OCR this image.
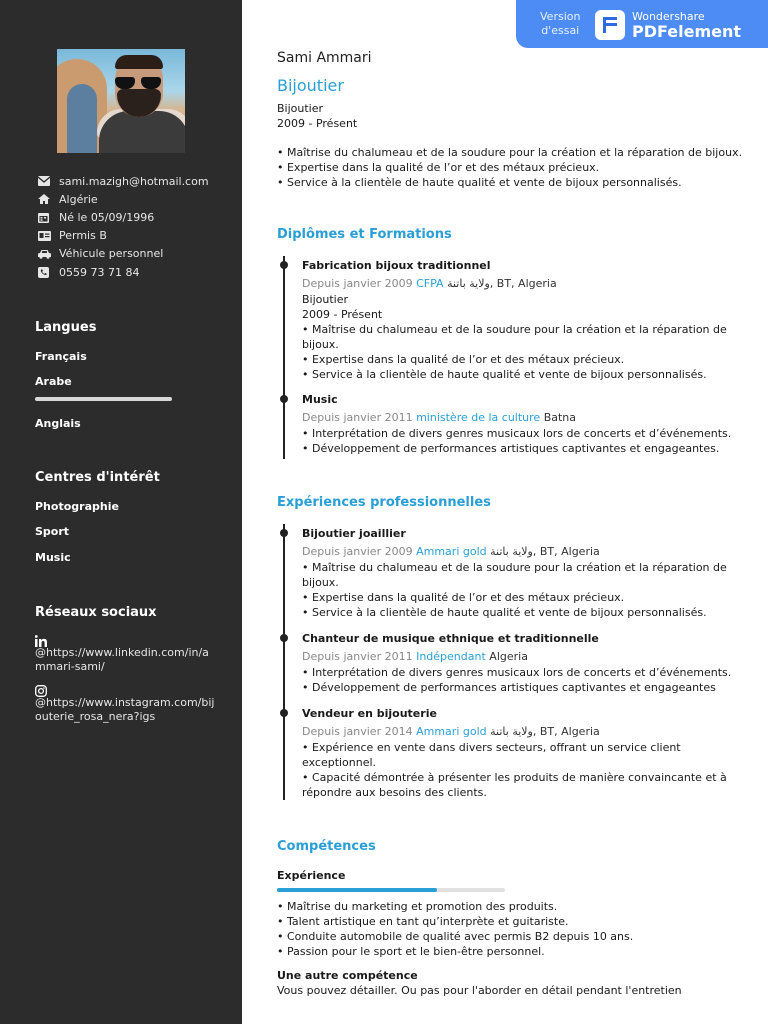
sami.mazigh@hotmail.com
Algérie
Né le 05/09/1996
Permis B
Véhicule personnel
0559 73 71 84
Langues
Français
Arabe
Anglais
Centres d'intérêt
Photographie
Sport
Music
Réseaux sociaux
@https://www.linkedin.com/in/ammari-sami/
@https://www.instagram.com/bijouterie_rosa_nera?igs
Version
d'essai
Wondershare
PDFelement
Sami Ammari
Bijoutier
Bijoutier
2009 - Présent
• Maîtrise du chalumeau et de la soudure pour la création et la réparation de bijoux.
• Expertise dans la qualité de l’or et des métaux précieux.
• Service à la clientèle de haute qualité et vente de bijoux personnalisés.
Diplômes et Formations
Fabrication bijoux traditionnel
Depuis janvier 2009 CFPA ولاية باتنة, BT, Algeria
Bijoutier
2009 - Présent
• Maîtrise du chalumeau et de la soudure pour la création et la réparation de bijoux.
• Expertise dans la qualité de l’or et des métaux précieux.
• Service à la clientèle de haute qualité et vente de bijoux personnalisés.
Music
Depuis janvier 2011 ministère de la culture Batna
• Interprétation de divers genres musicaux lors de concerts et d’événements.
• Développement de performances artistiques captivantes et engageantes.
Expériences professionnelles
Bijoutier joaillier
Depuis janvier 2009 Ammari gold ولاية باتنة, BT, Algeria
• Maîtrise du chalumeau et de la soudure pour la création et la réparation de bijoux.
• Expertise dans la qualité de l’or et des métaux précieux.
• Service à la clientèle de haute qualité et vente de bijoux personnalisés.
Chanteur de musique ethnique et traditionnelle
Depuis janvier 2011 Indépendant Algeria
• Interprétation de divers genres musicaux lors de concerts et d’événements.
• Développement de performances artistiques captivantes et engageantes
Vendeur en bijouterie
Depuis janvier 2014 Ammari gold ولاية باتنة, BT, Algeria
• Expérience en vente dans divers secteurs, offrant un service client exceptionnel.
• Capacité démontrée à présenter les produits de manière convaincante et à répondre aux besoins des clients.
Compétences
Expérience
• Maîtrise du marketing et promotion des produits.
• Talent artistique en tant qu’interprète et guitariste.
• Conduite automobile de qualité avec permis B2 depuis 10 ans.
• Passion pour le sport et le bien-être personnel.
Une autre compétence
Vous pouvez détailler. Ou pas pour l'aborder en détail pendant l'entretien
